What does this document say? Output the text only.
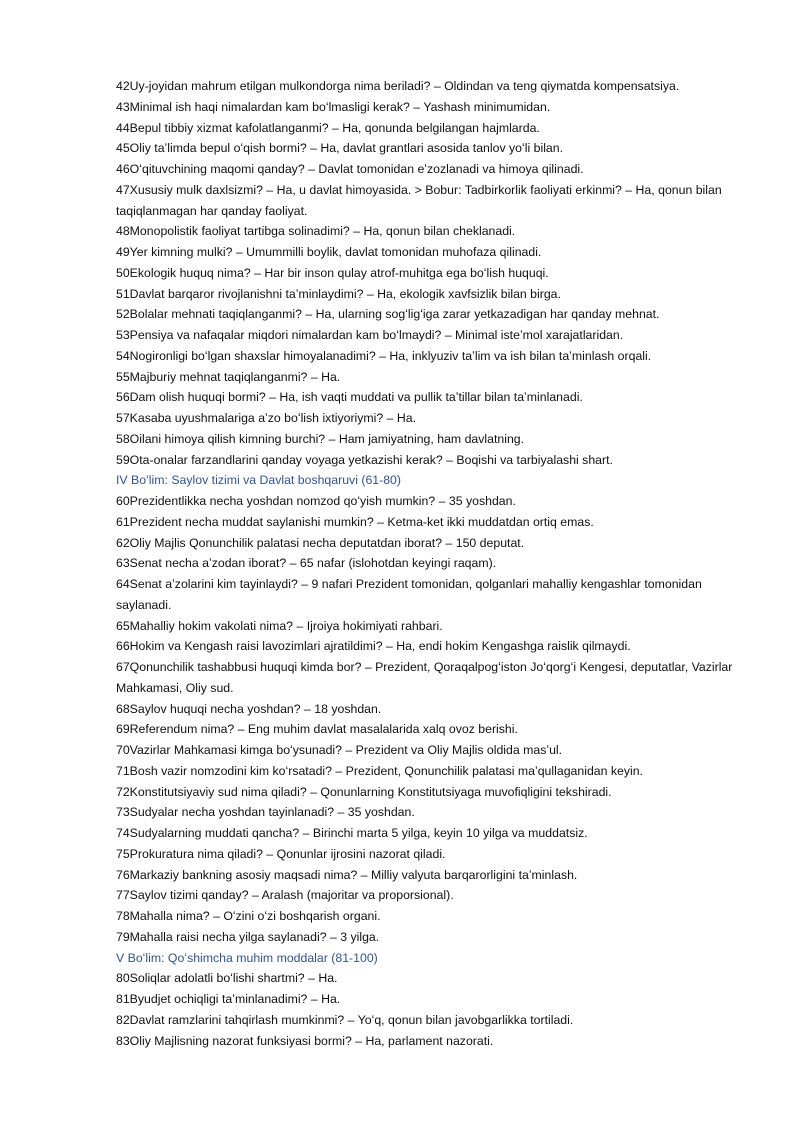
42Uy-joyidan mahrum etilgan mulkondorga nima beriladi? – Oldindan va teng qiymatda kompensatsiya.

43Minimal ish haqi nimalardan kam boʻlmasligi kerak? – Yashash minimumidan.

44Bepul tibbiy xizmat kafolatlanganmi? – Ha, qonunda belgilangan hajmlarda.

45Oliy taʼlimda bepul oʻqish bormi? – Ha, davlat grantlari asosida tanlov yoʻli bilan.

46Oʻqituvchining maqomi qanday? – Davlat tomonidan eʼzozlanadi va himoya qilinadi.

47Xususiy mulk daxlsizmi? – Ha, u davlat himoyasida. > Bobur: Tadbirkorlik faoliyati erkinmi? – Ha, qonun bilan taqiqlanmagan har qanday faoliyat.

48Monopolistik faoliyat tartibga solinadimi? – Ha, qonun bilan cheklanadi.

49Yer kimning mulki? – Umummilli boylik, davlat tomonidan muhofaza qilinadi.

50Ekologik huquq nima? – Har bir inson qulay atrof-muhitga ega boʻlish huquqi.

51Davlat barqaror rivojlanishni taʼminlaydimi? – Ha, ekologik xavfsizlik bilan birga.

52Bolalar mehnati taqiqlanganmi? – Ha, ularning sogʻligʻiga zarar yetkazadigan har qanday mehnat.

53Pensiya va nafaqalar miqdori nimalardan kam boʻlmaydi? – Minimal isteʼmol xarajatlaridan.

54Nogironligi boʻlgan shaxslar himoyalanadimi? – Ha, inklyuziv taʼlim va ish bilan taʼminlash orqali.

55Majburiy mehnat taqiqlanganmi? – Ha.

56Dam olish huquqi bormi? – Ha, ish vaqti muddati va pullik taʼtillar bilan taʼminlanadi.

57Kasaba uyushmalariga aʼzo boʻlish ixtiyoriymi? – Ha.

58Oilani himoya qilish kimning burchi? – Ham jamiyatning, ham davlatning.

59Ota-onalar farzandlarini qanday voyaga yetkazishi kerak? – Boqishi va tarbiyalashi shart.

IV Boʻlim: Saylov tizimi va Davlat boshqaruvi (61-80)

60Prezidentlikka necha yoshdan nomzod qoʻyish mumkin? – 35 yoshdan.

61Prezident necha muddat saylanishi mumkin? – Ketma-ket ikki muddatdan ortiq emas.

62Oliy Majlis Qonunchilik palatasi necha deputatdan iborat? – 150 deputat.

63Senat necha aʼzodan iborat? – 65 nafar (islohotdan keyingi raqam).

64Senat aʼzolarini kim tayinlaydi? – 9 nafari Prezident tomonidan, qolganlari mahalliy kengashlar tomonidan saylanadi.

65Mahalliy hokim vakolati nima? – Ijroiya hokimiyati rahbari.

66Hokim va Kengash raisi lavozimlari ajratildimi? – Ha, endi hokim Kengashga raislik qilmaydi.

67Qonunchilik tashabbusi huquqi kimda bor? – Prezident, Qoraqalpogʻiston Joʻqorgʻi Kengesi, deputatlar, Vazirlar Mahkamasi, Oliy sud.

68Saylov huquqi necha yoshdan? – 18 yoshdan.

69Referendum nima? – Eng muhim davlat masalalarida xalq ovoz berishi.

70Vazirlar Mahkamasi kimga boʻysunadi? – Prezident va Oliy Majlis oldida masʼul.

71Bosh vazir nomzodini kim koʻrsatadi? – Prezident, Qonunchilik palatasi maʼqullaganidan keyin.

72Konstitutsiyaviy sud nima qiladi? – Qonunlarning Konstitutsiyaga muvofiqligini tekshiradi.

73Sudyalar necha yoshdan tayinlanadi? – 35 yoshdan.

74Sudyalarning muddati qancha? – Birinchi marta 5 yilga, keyin 10 yilga va muddatsiz.

75Prokuratura nima qiladi? – Qonunlar ijrosini nazorat qiladi.

76Markaziy bankning asosiy maqsadi nima? – Milliy valyuta barqarorligini taʼminlash.

77Saylov tizimi qanday? – Aralash (majoritar va proporsional).

78Mahalla nima? – Oʻzini oʻzi boshqarish organi.

79Mahalla raisi necha yilga saylanadi? – 3 yilga.

V Boʻlim: Qoʻshimcha muhim moddalar (81-100)

80Soliqlar adolatli boʻlishi shartmi? – Ha.

81Byudjet ochiqligi taʼminlanadimi? – Ha.

82Davlat ramzlarini tahqirlash mumkinmi? – Yoʻq, qonun bilan javobgarlikka tortiladi.

83Oliy Majlisning nazorat funksiyasi bormi? – Ha, parlament nazorati.
